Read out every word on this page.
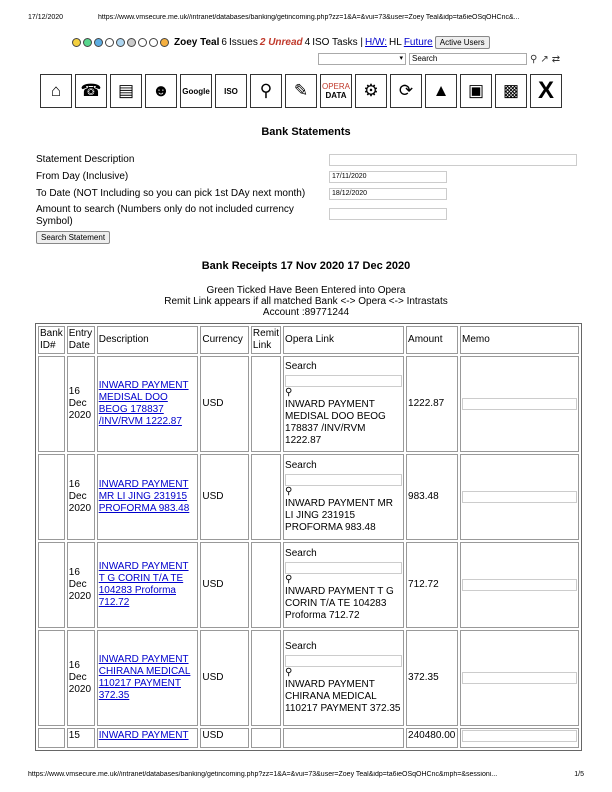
17/12/2020	https://www.vmsecure.me.uk//intranet/databases/banking/getincoming.php?zz=1&A=&vui=73&user=Zoey Teal&idp=ta6ieOSqOHCnc&...
Zoey Teal 6 Issues 2 Unread 4 ISO Tasks | H/W: HL Future Active Users
▾	Search	⚲ ↗ ⇄
⌂	☎ ▤	☻	Google ISO	⚲	✎	OPERA
DATA ⚙	⟳	▲	▣	▩ X
Bank Statements
Statement Description
From Day (Inclusive)	17/11/2020
To Date (NOT Including so you can pick 1st DAy next month)	18/12/2020
Amount to search (Numbers only do not included currency Symbol)
Search Statement
Bank Receipts 17 Nov 2020 17 Dec 2020
Green Ticked Have Been Entered into Opera
Remit Link appears if all matched Bank <-> Opera <-> Intrastats
Account :89771244
Bank ID#	Entry Date	Description	Currency	Remit Link	Opera Link	Amount	Memo
	16 Dec 2020	INWARD PAYMENT MEDISAL DOO BEOG 178837 /INV/RVM 1222.87	USD		Search
⚲
INWARD PAYMENT MEDISAL DOO BEOG 178837 /INV/RVM 1222.87	1222.87	

	16 Dec 2020	INWARD PAYMENT MR LI JING 231915 PROFORMA 983.48	USD		Search
⚲
INWARD PAYMENT MR LI JING 231915 PROFORMA 983.48	983.48	

	16 Dec 2020	INWARD PAYMENT T G CORIN T/A TE 104283 Proforma 712.72	USD		Search
⚲
INWARD PAYMENT T G CORIN T/A TE 104283 Proforma 712.72	712.72	

	16 Dec 2020	INWARD PAYMENT CHIRANA MEDICAL 110217 PAYMENT 372.35	USD		Search
⚲
INWARD PAYMENT CHIRANA MEDICAL 110217 PAYMENT 372.35	372.35	

	15	INWARD PAYMENT	USD			240480.00	
https://www.vmsecure.me.uk//intranet/databases/banking/getincoming.php?zz=1&A=&vui=73&user=Zoey Teal&idp=ta6ieOSqOHCnc&mph=&sessioni...	1/5
